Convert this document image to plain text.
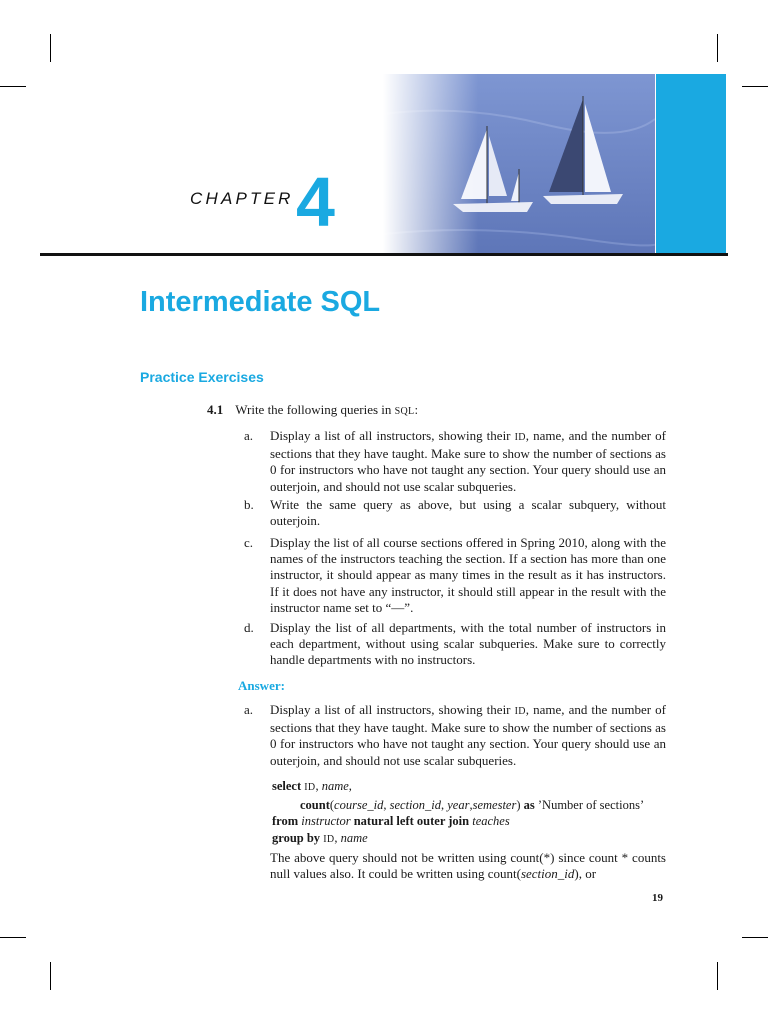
CHAPTER 4
Intermediate SQL
Practice Exercises
4.1 Write the following queries in SQL:
a. Display a list of all instructors, showing their ID, name, and the number of sections that they have taught. Make sure to show the number of sections as 0 for instructors who have not taught any section. Your query should use an outerjoin, and should not use scalar subqueries.
b. Write the same query as above, but using a scalar subquery, without outerjoin.
c. Display the list of all course sections offered in Spring 2010, along with the names of the instructors teaching the section. If a section has more than one instructor, it should appear as many times in the result as it has instructors. If it does not have any instructor, it should still appear in the result with the instructor name set to “—”.
d. Display the list of all departments, with the total number of instructors in each department, without using scalar subqueries. Make sure to correctly handle departments with no instructors.
Answer:
a. Display a list of all instructors, showing their ID, name, and the number of sections that they have taught. Make sure to show the number of sections as 0 for instructors who have not taught any section. Your query should use an outerjoin, and should not use scalar subqueries.
select ID, name,
count(course_id, section_id, year,semester) as ’Number of sections’
from instructor natural left outer join teaches
group by ID, name
The above query should not be written using count(*) since count * counts null values also. It could be written using count(section_id), or
19
